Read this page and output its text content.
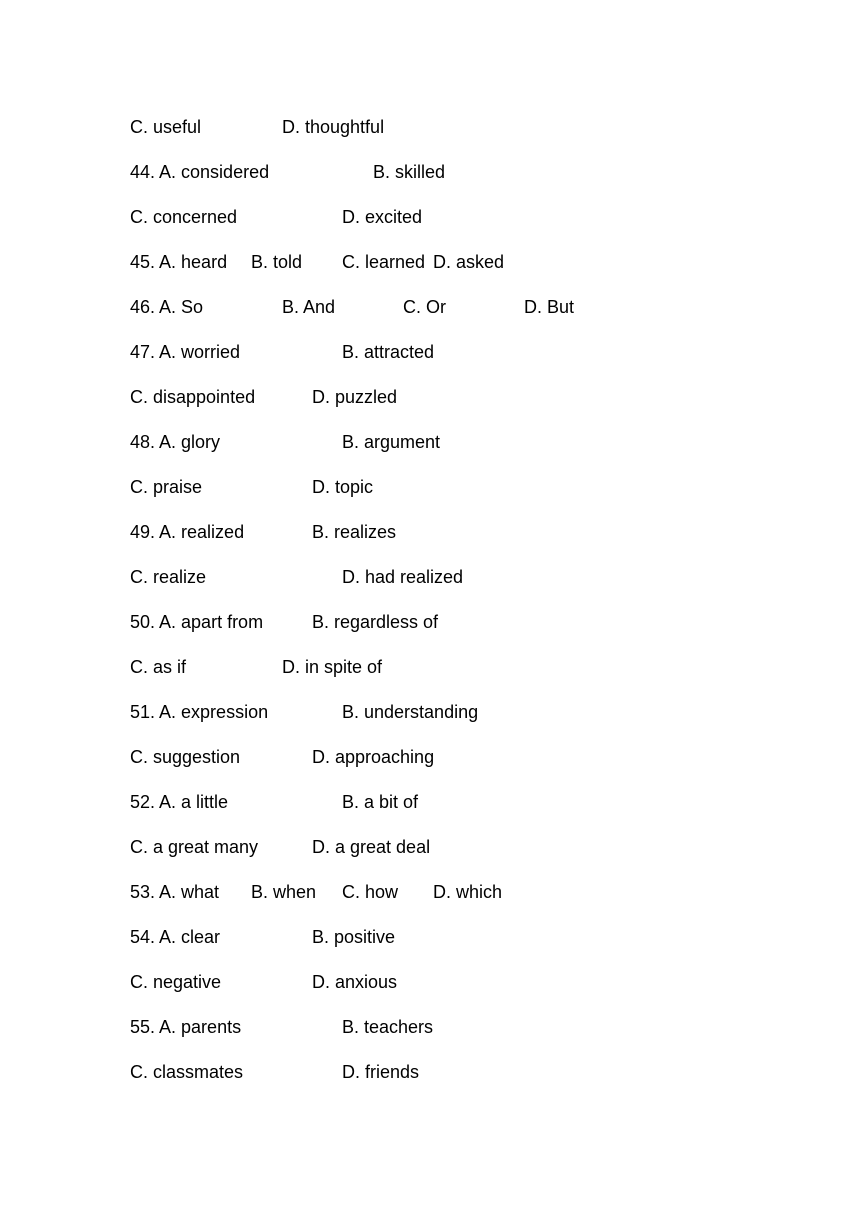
C. useful	D. thoughtful
44. A. considered	B. skilled
C. concerned	D. excited
45. A. heard B. told C. learned D. asked
46. A. So	B. And	C. Or	D. But
47. A. worried	B. attracted
C. disappointed	D. puzzled
48. A. glory	B. argument
C. praise	D. topic
49. A. realized	B. realizes
C. realize	D. had realized
50. A. apart from	B. regardless of
C. as if	D. in spite of
51. A. expression	B. understanding
C. suggestion	D. approaching
52. A. a little	B. a bit of
C. a great many	D. a great deal
53. A. what B. when C. how D. which
54. A. clear	B. positive
C. negative	D. anxious
55. A. parents	B. teachers
C. classmates	D. friends
